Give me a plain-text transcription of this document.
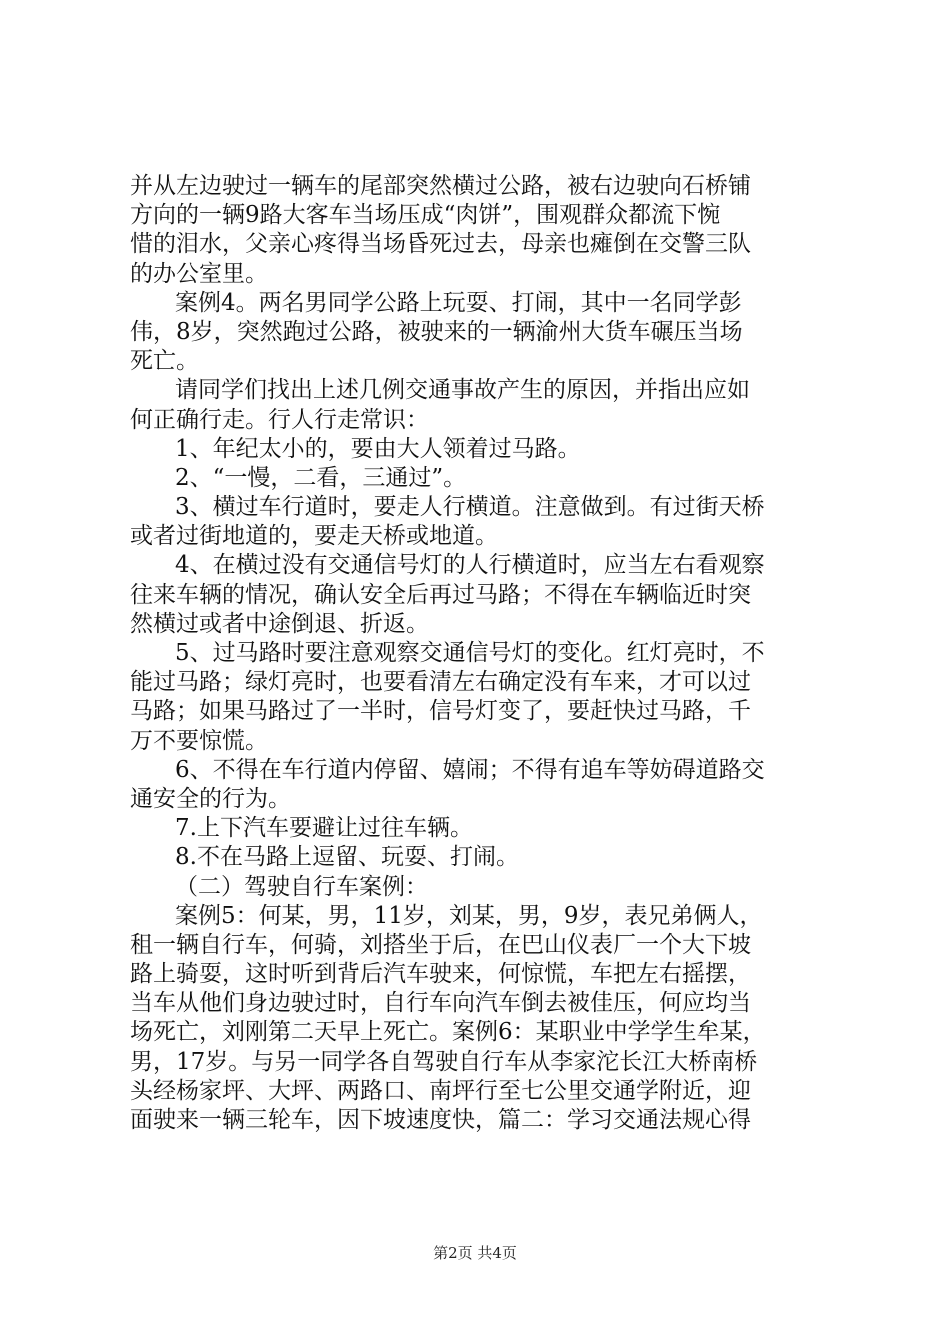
并从左边驶过一辆车的尾部突然横过公路，被右边驶向石桥铺
方向的一辆9路大客车当场压成“肉饼”，围观群众都流下惋
惜的泪水，父亲心疼得当场昏死过去，母亲也瘫倒在交警三队
的办公室里。
案例4。两名男同学公路上玩耍、打闹，其中一名同学彭
伟，8岁，突然跑过公路，被驶来的一辆渝州大货车碾压当场
死亡。
请同学们找出上述几例交通事故产生的原因，并指出应如
何正确行走。行人行走常识：
1、年纪太小的，要由大人领着过马路。
2、“一慢，二看，三通过”。
3、横过车行道时，要走人行横道。注意做到。有过街天桥
或者过街地道的，要走天桥或地道。
4、在横过没有交通信号灯的人行横道时，应当左右看观察
往来车辆的情况，确认安全后再过马路；不得在车辆临近时突
然横过或者中途倒退、折返。
5、过马路时要注意观察交通信号灯的变化。红灯亮时，不
能过马路；绿灯亮时，也要看清左右确定没有车来，才可以过
马路；如果马路过了一半时，信号灯变了，要赶快过马路，千
万不要惊慌。
6、不得在车行道内停留、嬉闹；不得有追车等妨碍道路交
通安全的行为。
7.上下汽车要避让过往车辆。
8.不在马路上逗留、玩耍、打闹。
（二）驾驶自行车案例：
案例5：何某，男，11岁，刘某，男，9岁，表兄弟俩人，
租一辆自行车，何骑，刘搭坐于后，在巴山仪表厂一个大下坡
路上骑耍，这时听到背后汽车驶来，何惊慌，车把左右摇摆，
当车从他们身边驶过时，自行车向汽车倒去被佳压，何应均当
场死亡，刘刚第二天早上死亡。案例6：某职业中学学生牟某，
男，17岁。与另一同学各自驾驶自行车从李家沱长江大桥南桥
头经杨家坪、大坪、两路口、南坪行至七公里交通学附近，迎
面驶来一辆三轮车，因下坡速度快，篇二：学习交通法规心得
第2页 共4页
